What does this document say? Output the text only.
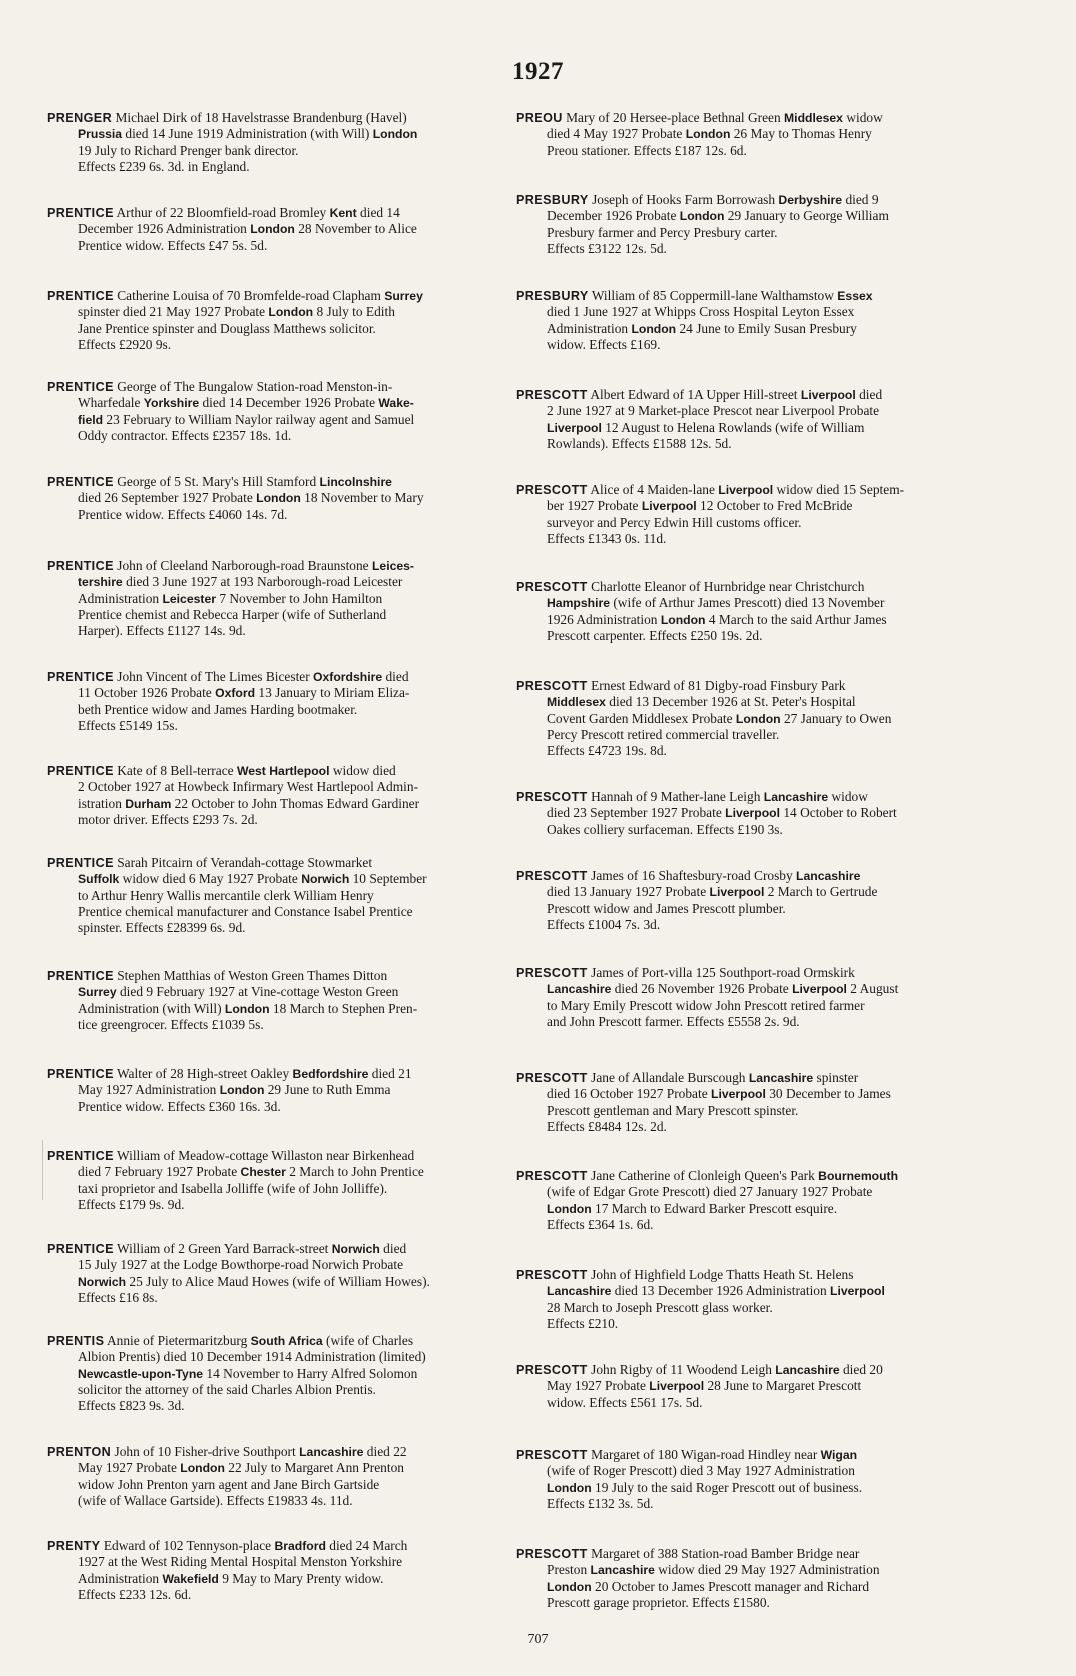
1927
PRENGER Michael Dirk of 18 Havelstrasse Brandenburg (Havel)
Prussia died 14 June 1919 Administration (with Will) London
19 July to Richard Prenger bank director.
Effects £239 6s. 3d. in England.
PRENTICE Arthur of 22 Bloomfield-road Bromley Kent died 14
December 1926 Administration London 28 November to Alice
Prentice widow. Effects £47 5s. 5d.
PRENTICE Catherine Louisa of 70 Bromfelde-road Clapham Surrey
spinster died 21 May 1927 Probate London 8 July to Edith
Jane Prentice spinster and Douglass Matthews solicitor.
Effects £2920 9s.
PRENTICE George of The Bungalow Station-road Menston-in-
Wharfedale Yorkshire died 14 December 1926 Probate Wake-
field 23 February to William Naylor railway agent and Samuel
Oddy contractor. Effects £2357 18s. 1d.
PRENTICE George of 5 St. Mary's Hill Stamford Lincolnshire
died 26 September 1927 Probate London 18 November to Mary
Prentice widow. Effects £4060 14s. 7d.
PRENTICE John of Cleeland Narborough-road Braunstone Leices-
tershire died 3 June 1927 at 193 Narborough-road Leicester
Administration Leicester 7 November to John Hamilton
Prentice chemist and Rebecca Harper (wife of Sutherland
Harper). Effects £1127 14s. 9d.
PRENTICE John Vincent of The Limes Bicester Oxfordshire died
11 October 1926 Probate Oxford 13 January to Miriam Eliza-
beth Prentice widow and James Harding bootmaker.
Effects £5149 15s.
PRENTICE Kate of 8 Bell-terrace West Hartlepool widow died
2 October 1927 at Howbeck Infirmary West Hartlepool Admin-
istration Durham 22 October to John Thomas Edward Gardiner
motor driver. Effects £293 7s. 2d.
PRENTICE Sarah Pitcairn of Verandah-cottage Stowmarket
Suffolk widow died 6 May 1927 Probate Norwich 10 September
to Arthur Henry Wallis mercantile clerk William Henry
Prentice chemical manufacturer and Constance Isabel Prentice
spinster. Effects £28399 6s. 9d.
PRENTICE Stephen Matthias of Weston Green Thames Ditton
Surrey died 9 February 1927 at Vine-cottage Weston Green
Administration (with Will) London 18 March to Stephen Pren-
tice greengrocer. Effects £1039 5s.
PRENTICE Walter of 28 High-street Oakley Bedfordshire died 21
May 1927 Administration London 29 June to Ruth Emma
Prentice widow. Effects £360 16s. 3d.
PRENTICE William of Meadow-cottage Willaston near Birkenhead
died 7 February 1927 Probate Chester 2 March to John Prentice
taxi proprietor and Isabella Jolliffe (wife of John Jolliffe).
Effects £179 9s. 9d.
PRENTICE William of 2 Green Yard Barrack-street Norwich died
15 July 1927 at the Lodge Bowthorpe-road Norwich Probate
Norwich 25 July to Alice Maud Howes (wife of William Howes).
Effects £16 8s.
PRENTIS Annie of Pietermaritzburg South Africa (wife of Charles
Albion Prentis) died 10 December 1914 Administration (limited)
Newcastle-upon-Tyne 14 November to Harry Alfred Solomon
solicitor the attorney of the said Charles Albion Prentis.
Effects £823 9s. 3d.
PRENTON John of 10 Fisher-drive Southport Lancashire died 22
May 1927 Probate London 22 July to Margaret Ann Prenton
widow John Prenton yarn agent and Jane Birch Gartside
(wife of Wallace Gartside). Effects £19833 4s. 11d.
PRENTY Edward of 102 Tennyson-place Bradford died 24 March
1927 at the West Riding Mental Hospital Menston Yorkshire
Administration Wakefield 9 May to Mary Prenty widow.
Effects £233 12s. 6d.
PREOU Mary of 20 Hersee-place Bethnal Green Middlesex widow
died 4 May 1927 Probate London 26 May to Thomas Henry
Preou stationer. Effects £187 12s. 6d.
PRESBURY Joseph of Hooks Farm Borrowash Derbyshire died 9
December 1926 Probate London 29 January to George William
Presbury farmer and Percy Presbury carter.
Effects £3122 12s. 5d.
PRESBURY William of 85 Coppermill-lane Walthamstow Essex
died 1 June 1927 at Whipps Cross Hospital Leyton Essex
Administration London 24 June to Emily Susan Presbury
widow. Effects £169.
PRESCOTT Albert Edward of 1A Upper Hill-street Liverpool died
2 June 1927 at 9 Market-place Prescot near Liverpool Probate
Liverpool 12 August to Helena Rowlands (wife of William
Rowlands). Effects £1588 12s. 5d.
PRESCOTT Alice of 4 Maiden-lane Liverpool widow died 15 Septem-
ber 1927 Probate Liverpool 12 October to Fred McBride
surveyor and Percy Edwin Hill customs officer.
Effects £1343 0s. 11d.
PRESCOTT Charlotte Eleanor of Hurnbridge near Christchurch
Hampshire (wife of Arthur James Prescott) died 13 November
1926 Administration London 4 March to the said Arthur James
Prescott carpenter. Effects £250 19s. 2d.
PRESCOTT Ernest Edward of 81 Digby-road Finsbury Park
Middlesex died 13 December 1926 at St. Peter's Hospital
Covent Garden Middlesex Probate London 27 January to Owen
Percy Prescott retired commercial traveller.
Effects £4723 19s. 8d.
PRESCOTT Hannah of 9 Mather-lane Leigh Lancashire widow
died 23 September 1927 Probate Liverpool 14 October to Robert
Oakes colliery surfaceman. Effects £190 3s.
PRESCOTT James of 16 Shaftesbury-road Crosby Lancashire
died 13 January 1927 Probate Liverpool 2 March to Gertrude
Prescott widow and James Prescott plumber.
Effects £1004 7s. 3d.
PRESCOTT James of Port-villa 125 Southport-road Ormskirk
Lancashire died 26 November 1926 Probate Liverpool 2 August
to Mary Emily Prescott widow John Prescott retired farmer
and John Prescott farmer. Effects £5558 2s. 9d.
PRESCOTT Jane of Allandale Burscough Lancashire spinster
died 16 October 1927 Probate Liverpool 30 December to James
Prescott gentleman and Mary Prescott spinster.
Effects £8484 12s. 2d.
PRESCOTT Jane Catherine of Clonleigh Queen's Park Bournemouth
(wife of Edgar Grote Prescott) died 27 January 1927 Probate
London 17 March to Edward Barker Prescott esquire.
Effects £364 1s. 6d.
PRESCOTT John of Highfield Lodge Thatts Heath St. Helens
Lancashire died 13 December 1926 Administration Liverpool
28 March to Joseph Prescott glass worker.
Effects £210.
PRESCOTT John Rigby of 11 Woodend Leigh Lancashire died 20
May 1927 Probate Liverpool 28 June to Margaret Prescott
widow. Effects £561 17s. 5d.
PRESCOTT Margaret of 180 Wigan-road Hindley near Wigan
(wife of Roger Prescott) died 3 May 1927 Administration
London 19 July to the said Roger Prescott out of business.
Effects £132 3s. 5d.
PRESCOTT Margaret of 388 Station-road Bamber Bridge near
Preston Lancashire widow died 29 May 1927 Administration
London 20 October to James Prescott manager and Richard
Prescott garage proprietor. Effects £1580.
707
